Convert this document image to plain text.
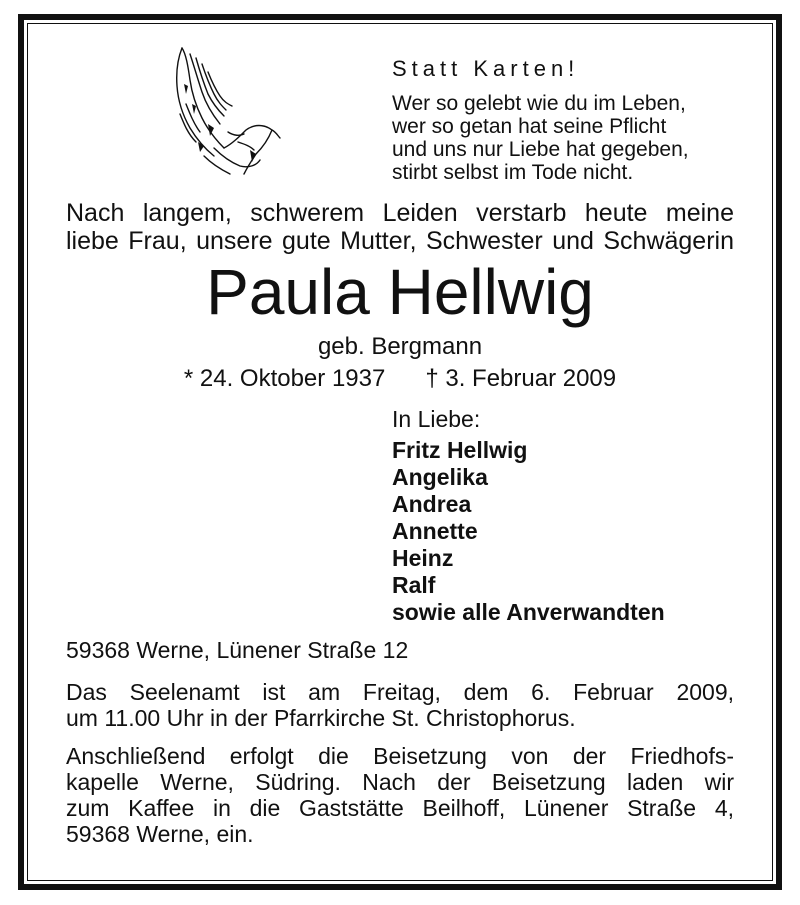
Statt Karten!
Wer so gelebt wie du im Leben,
wer so getan hat seine Pflicht
und uns nur Liebe hat gegeben,
stirbt selbst im Tode nicht.
Nach langem, schwerem Leiden verstarb heute meine
liebe Frau, unsere gute Mutter, Schwester und Schwägerin
Paula Hellwig
geb. Bergmann
* 24. Oktober 1937 † 3. Februar 2009
In Liebe:
Fritz Hellwig
Angelika
Andrea
Annette
Heinz
Ralf
sowie alle Anverwandten
59368 Werne, Lünener Straße 12
Das Seelenamt ist am Freitag, dem 6. Februar 2009,
um 11.00 Uhr in der Pfarrkirche St. Christophorus.
Anschließend erfolgt die Beisetzung von der Friedhofs-
kapelle Werne, Südring. Nach der Beisetzung laden wir
zum Kaffee in die Gaststätte Beilhoff, Lünener Straße 4,
59368 Werne, ein.
